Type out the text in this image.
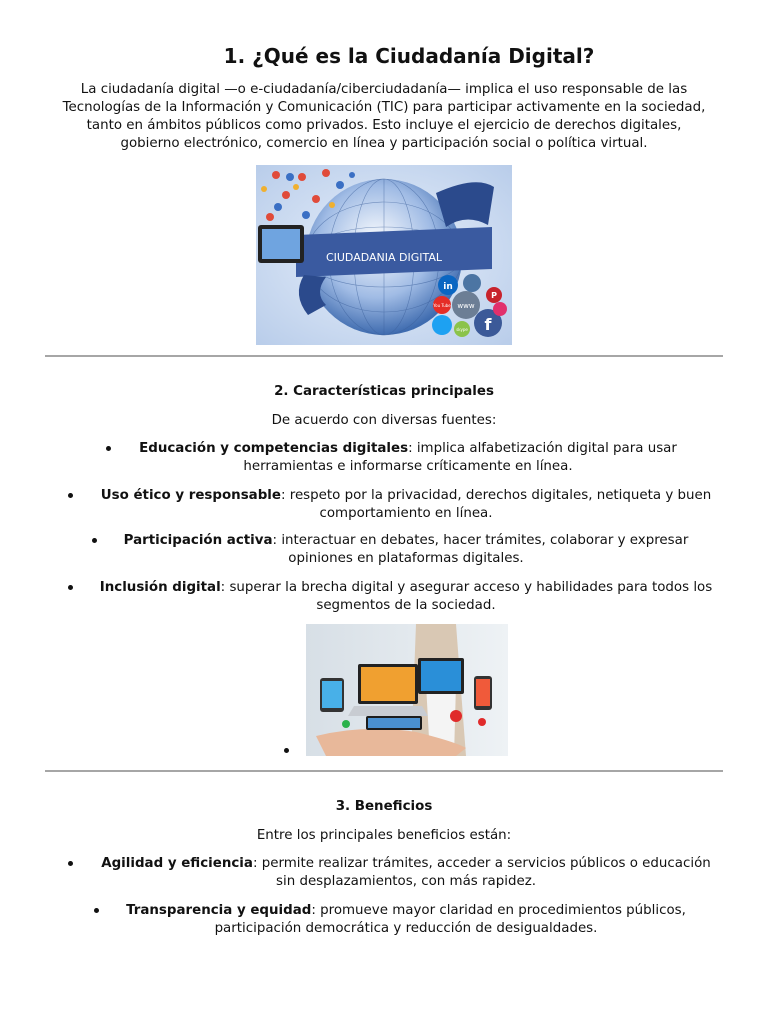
1. ¿Qué es la Ciudadanía Digital?
La ciudadanía digital —o e-ciudadanía/ciberciudadanía— implica el uso responsable de las
Tecnologías de la Información y Comunicación (TIC) para participar activamente en la sociedad,
tanto en ámbitos públicos como privados. Esto incluye el ejercicio de derechos digitales,
gobierno electrónico, comercio en línea y participación social o política virtual.
CIUDADANIA DIGITAL
in
f
www
P
You Tube
skype
2. Características principales
De acuerdo con diversas fuentes:
Educación y competencias digitales: implica alfabetización digital para usar
herramientas e informarse críticamente en línea.
Uso ético y responsable: respeto por la privacidad, derechos digitales, netiqueta y buen
comportamiento en línea.
Participación activa: interactuar en debates, hacer trámites, colaborar y expresar
opiniones en plataformas digitales.
Inclusión digital: superar la brecha digital y asegurar acceso y habilidades para todos los
segmentos de la sociedad.
3. Beneficios
Entre los principales beneficios están:
Agilidad y eficiencia: permite realizar trámites, acceder a servicios públicos o educación
sin desplazamientos, con más rapidez.
Transparencia y equidad: promueve mayor claridad en procedimientos públicos,
participación democrática y reducción de desigualdades.
